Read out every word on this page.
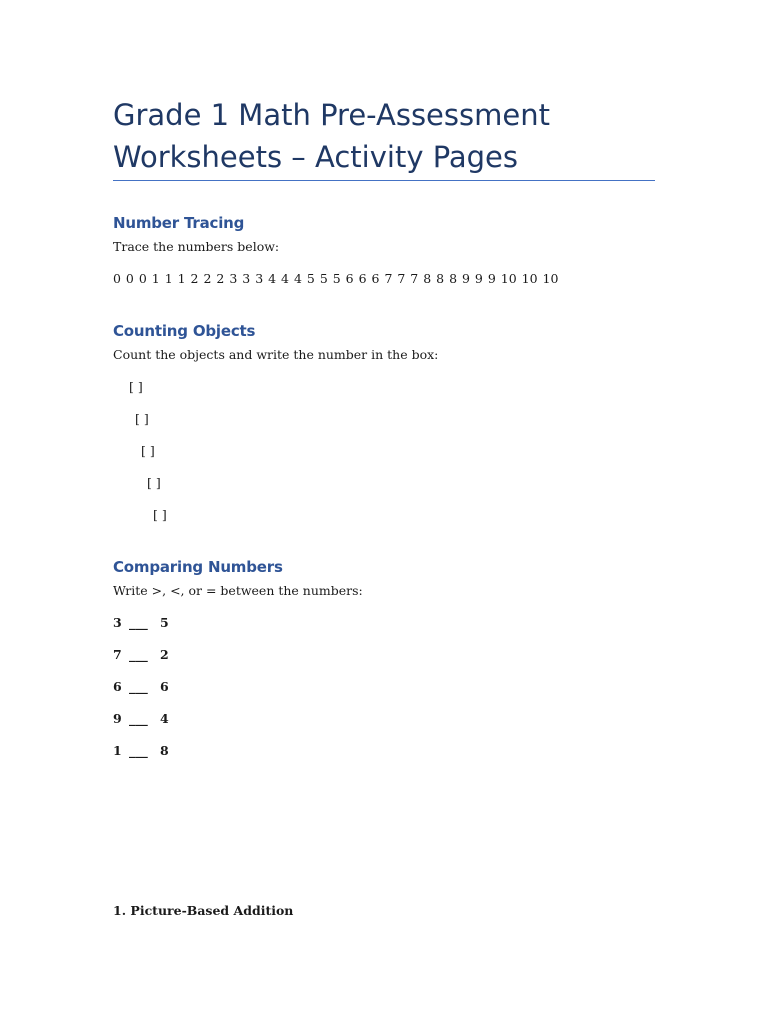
Grade 1 Math Pre-Assessment
Worksheets – Activity Pages
Number Tracing

Trace the numbers below:

0 0 0 1 1 1 2 2 2 3 3 3 4 4 4 5 5 5 6 6 6 7 7 7 8 8 8 9 9 9 10 10 10

Counting Objects

Count the objects and write the number in the box:

[ ]

[ ]

[ ]

[ ]

[ ]

Comparing Numbers

Write >, <, or = between the numbers:

3 ___ 5

7 ___ 2

6 ___ 6

9 ___ 4

1 ___ 8

1. Picture-Based Addition
